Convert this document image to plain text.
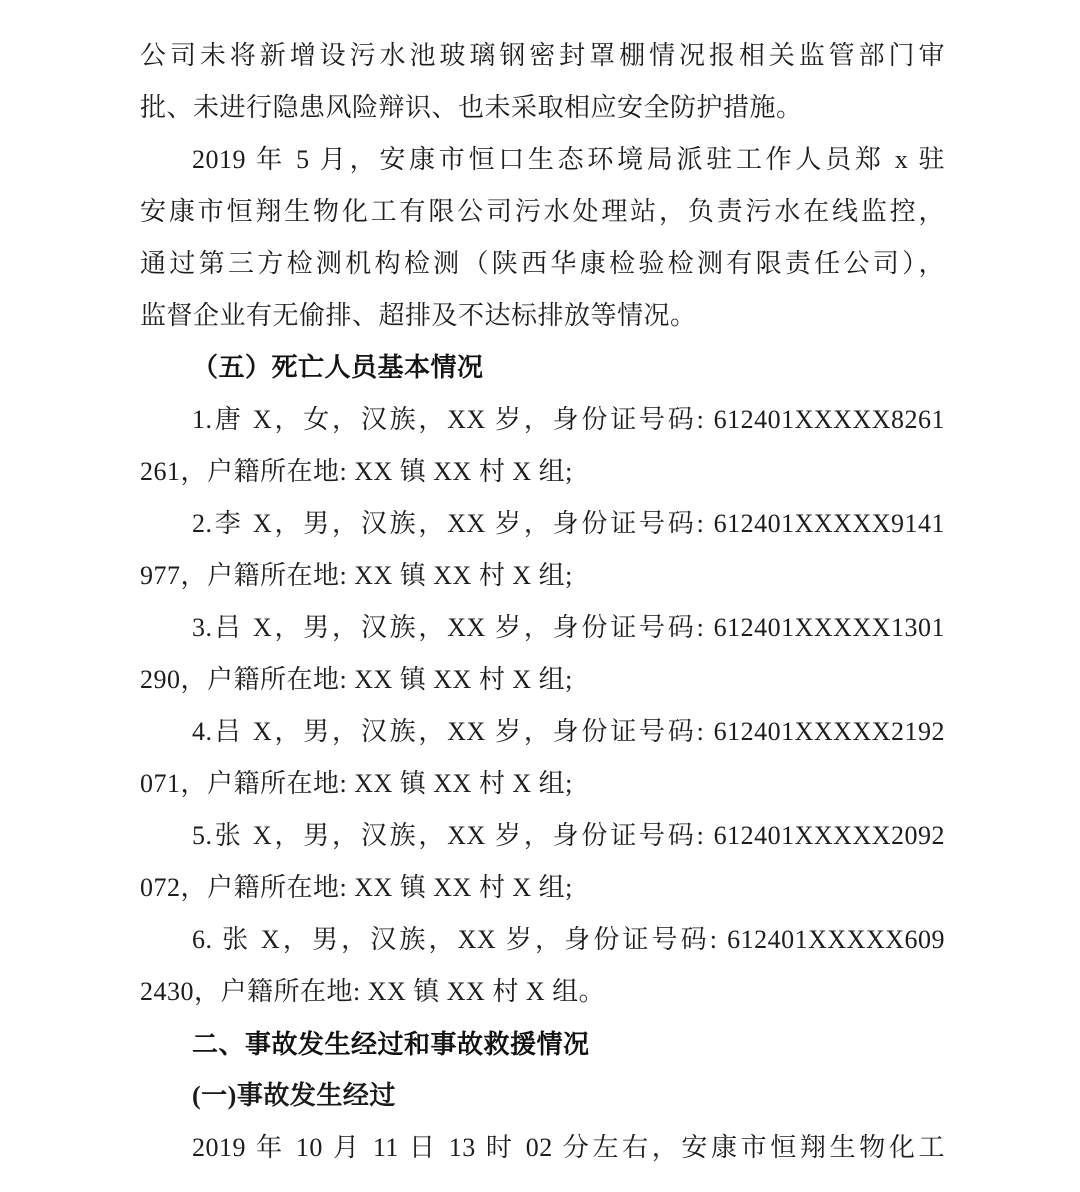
公司未将新增设污水池玻璃钢密封罩棚情况报相关监管部门审
批、未进行隐患风险辩识、也未采取相应安全防护措施。
2019 年 5 月，安康市恒口生态环境局派驻工作人员郑 x 驻
安康市恒翔生物化工有限公司污水处理站，负责污水在线监控，
通过第三方检测机构检测（陕西华康检验检测有限责任公司），
监督企业有无偷排、超排及不达标排放等情况。
（五）死亡人员基本情况
1.唐 X，女，汉族，XX 岁，身份证号码: 612401XXXXX8261
261，户籍所在地: XX 镇 XX 村 X 组;
2.李 X，男，汉族，XX 岁，身份证号码: 612401XXXXX9141
977，户籍所在地: XX 镇 XX 村 X 组;
3.吕 X，男，汉族，XX 岁，身份证号码: 612401XXXXX1301
290，户籍所在地: XX 镇 XX 村 X 组;
4.吕 X，男，汉族，XX 岁，身份证号码: 612401XXXXX2192
071，户籍所在地: XX 镇 XX 村 X 组;
5.张 X，男，汉族，XX 岁，身份证号码: 612401XXXXX2092
072，户籍所在地: XX 镇 XX 村 X 组;
6. 张 X，男，汉族，XX 岁，身份证号码: 612401XXXXX609
2430，户籍所在地: XX 镇 XX 村 X 组。
二、事故发生经过和事故救援情况
(一)事故发生经过
2019 年 10 月 11 日 13 时 02 分左右，安康市恒翔生物化工
